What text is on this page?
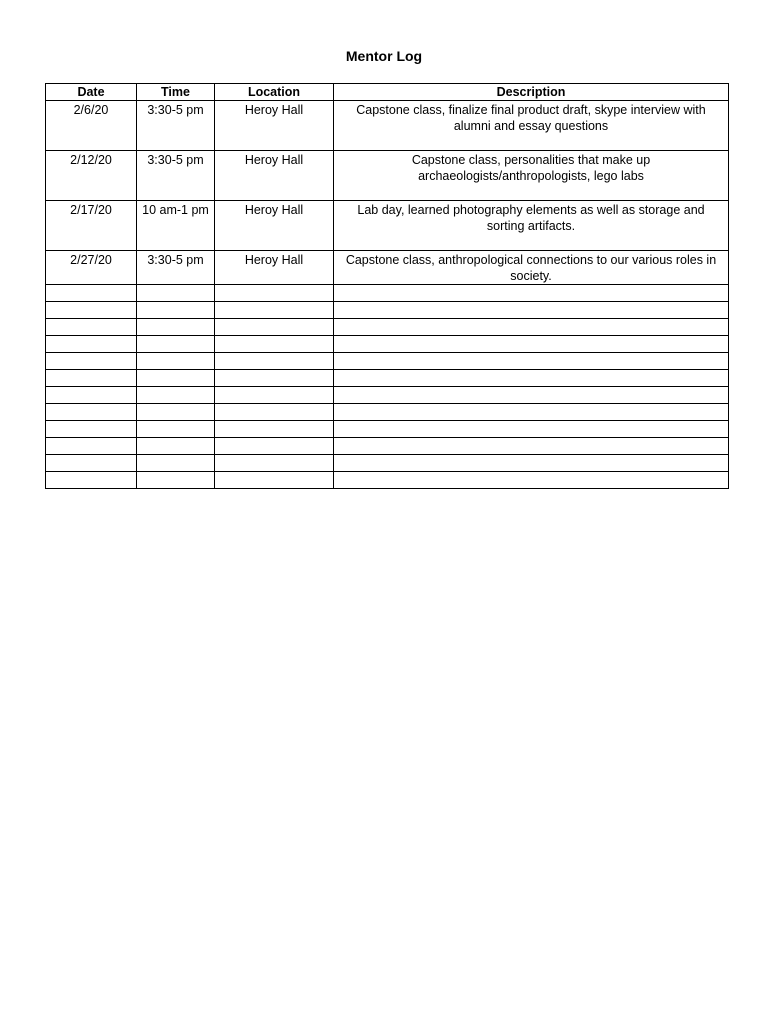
Mentor Log
Date	Time	Location	Description
2/6/20	3:30-5 pm	Heroy Hall	Capstone class, finalize final product draft, skype interview with alumni and essay questions
2/12/20	3:30-5 pm	Heroy Hall	Capstone class, personalities that make up archaeologists/anthropologists, lego labs
2/17/20	10 am-1 pm	Heroy Hall	Lab day, learned photography elements as well as storage and sorting artifacts.
2/27/20	3:30-5 pm	Heroy Hall	Capstone class, anthropological connections to our various roles in society.
